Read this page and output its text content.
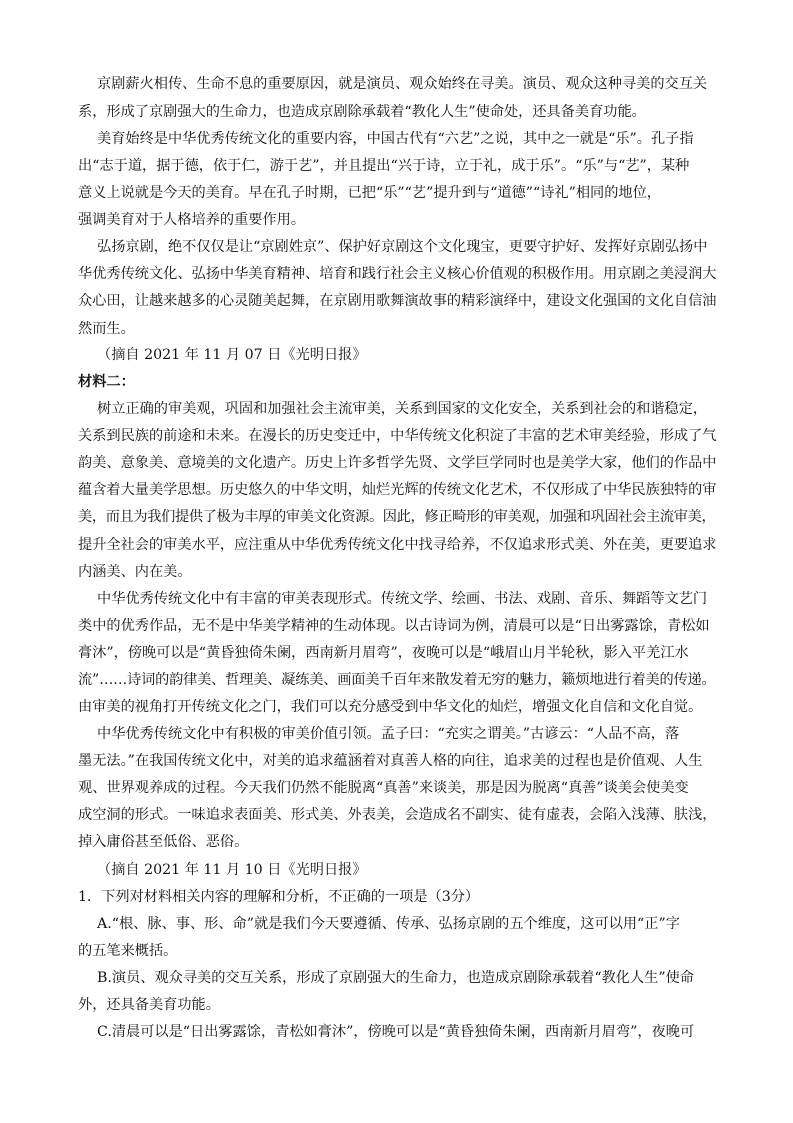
京剧薪火相传、生命不息的重要原因，就是演员、观众始终在寻美。演员、观众这种寻美的交互关
系，形成了京剧强大的生命力，也造成京剧除承载着“教化人生”使命处，还具备美育功能。
美育始终是中华优秀传统文化的重要内容，中国古代有“六艺”之说，其中之一就是“乐”。孔子指
出“志于道，据于德，依于仁，游于艺”，并且提出“兴于诗，立于礼，成于乐”。“乐”与“艺”，某种
意义上说就是今天的美育。早在孔子时期，已把“乐”“艺”提升到与“道德”“诗礼”相同的地位，
强调美育对于人格培养的重要作用。
弘扬京剧，绝不仅仅是让“京剧姓京”、保护好京剧这个文化瑰宝，更要守护好、发挥好京剧弘扬中
华优秀传统文化、弘扬中华美育精神、培育和践行社会主义核心价值观的积极作用。用京剧之美浸润大
众心田，让越来越多的心灵随美起舞，在京剧用歌舞演故事的精彩演绎中，建设文化强国的文化自信油
然而生。
（摘自 2021 年 11 月 07 日《光明日报》
材料二：
树立正确的审美观，巩固和加强社会主流审美，关系到国家的文化安全，关系到社会的和谐稳定，
关系到民族的前途和未来。在漫长的历史变迁中，中华传统文化积淀了丰富的艺术审美经验，形成了气
韵美、意象美、意境美的文化遗产。历史上许多哲学先贤、文学巨学同时也是美学大家，他们的作品中
蕴含着大量美学思想。历史悠久的中华文明，灿烂光辉的传统文化艺术，不仅形成了中华民族独特的审
美，而且为我们提供了极为丰厚的审美文化资源。因此，修正畸形的审美观，加强和巩固社会主流审美，
提升全社会的审美水平，应注重从中华优秀传统文化中找寻给养，不仅追求形式美、外在美，更要追求
内涵美、内在美。
中华优秀传统文化中有丰富的审美表现形式。传统文学、绘画、书法、戏剧、音乐、舞蹈等文艺门
类中的优秀作品，无不是中华美学精神的生动体现。以古诗词为例，清晨可以是“日出雾露馀，青松如
膏沐”，傍晚可以是“黄昏独倚朱阑，西南新月眉弯”，夜晚可以是“峨眉山月半轮秋，影入平羌江水
流”……诗词的韵律美、哲理美、凝练美、画面美千百年来散发着无穷的魅力，籁烦地进行着美的传递。
由审美的视角打开传统文化之门，我们可以充分感受到中华文化的灿烂，增强文化自信和文化自觉。
中华优秀传统文化中有积极的审美价值引领。孟子曰：“充实之谓美。”古谚云：“人品不高，落
墨无法。”在我国传统文化中，对美的追求蕴涵着对真善人格的向往，追求美的过程也是价值观、人生
观、世界观养成的过程。今天我们仍然不能脱离“真善”来谈美，那是因为脱离“真善”谈美会使美变
成空洞的形式。一味追求表面美、形式美、外表美，会造成名不副实、徒有虚表，会陷入浅薄、肤浅，
掉入庸俗甚至低俗、恶俗。
（摘自 2021 年 11 月 10 日《光明日报》
1．下列对材料相关内容的理解和分析，不正确的一项是（3分）
A.“根、脉、事、形、命”就是我们今天要遵循、传承、弘扬京剧的五个维度，这可以用“正”字
的五笔来概括。
B.演员、观众寻美的交互关系，形成了京剧强大的生命力，也造成京剧除承载着“教化人生”使命
外，还具备美育功能。
C.清晨可以是“日出雾露馀，青松如膏沐”，傍晚可以是“黄昏独倚朱阑，西南新月眉弯”，夜晚可
